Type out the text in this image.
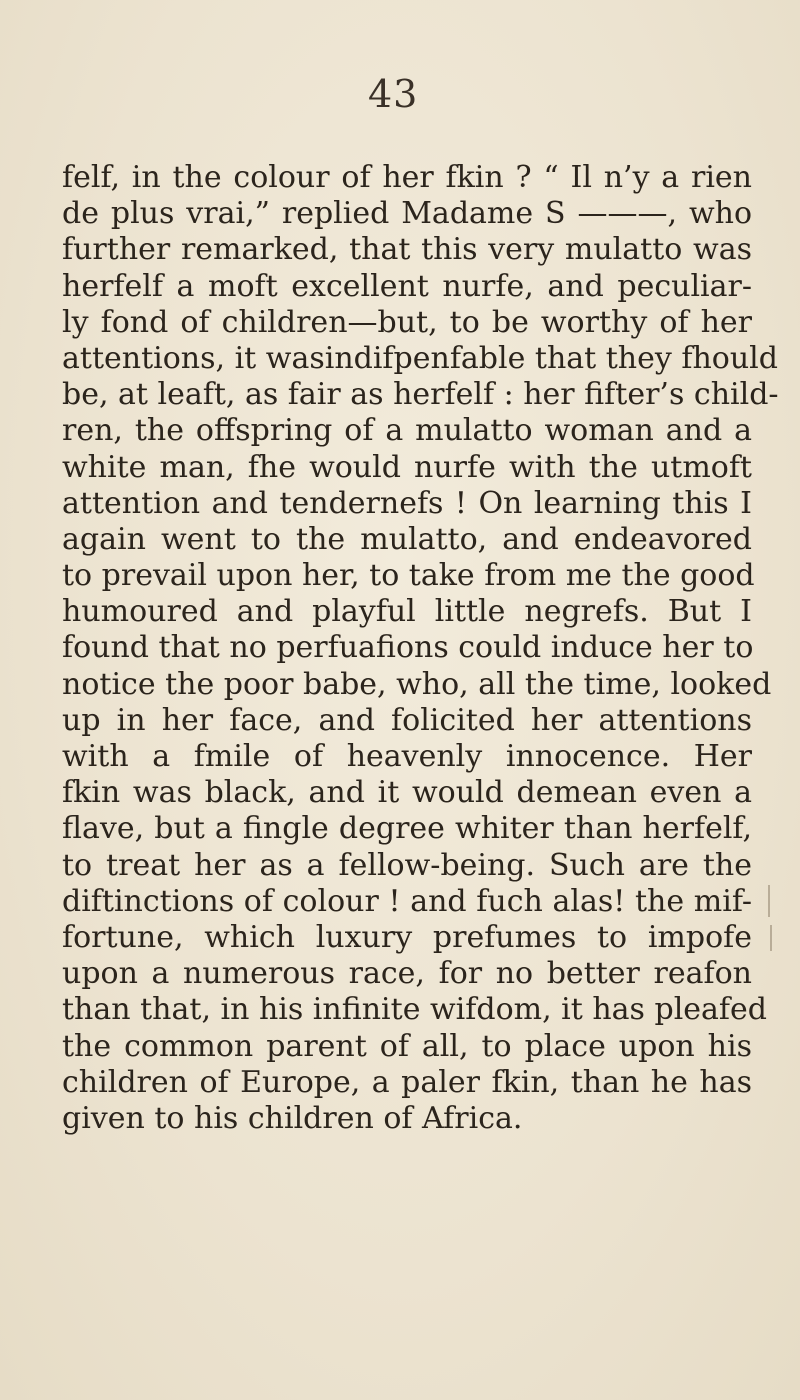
43
felf, in the colour of her fkin ? “ Il n’y a rien
de plus vrai,” replied Madame S ———, who
further remarked, that this very mulatto was
herfelf a moft excellent nurfe, and peculiar-
ly fond of children—but, to be worthy of her
attentions, it wasindifpenfable that they fhould
be, at leaft, as fair as herfelf : her fifter’s child-
ren, the offspring of a mulatto woman and a
white man, fhe would nurfe with the utmoft
attention and tendernefs ! On learning this I
again went to the mulatto, and endeavored
to prevail upon her, to take from me the good
humoured and playful little negrefs. But I
found that no perfuafions could induce her to
notice the poor babe, who, all the time, looked
up in her face, and folicited her attentions
with a fmile of heavenly innocence. Her
fkin was black, and it would demean even a
flave, but a fingle degree whiter than herfelf,
to treat her as a fellow-being. Such are the
diftinctions of colour ! and fuch alas! the mif-
fortune, which luxury prefumes to impofe
upon a numerous race, for no better reafon
than that, in his infinite wifdom, it has pleafed
the common parent of all, to place upon his
children of Europe, a paler fkin, than he has
given to his children of Africa.
